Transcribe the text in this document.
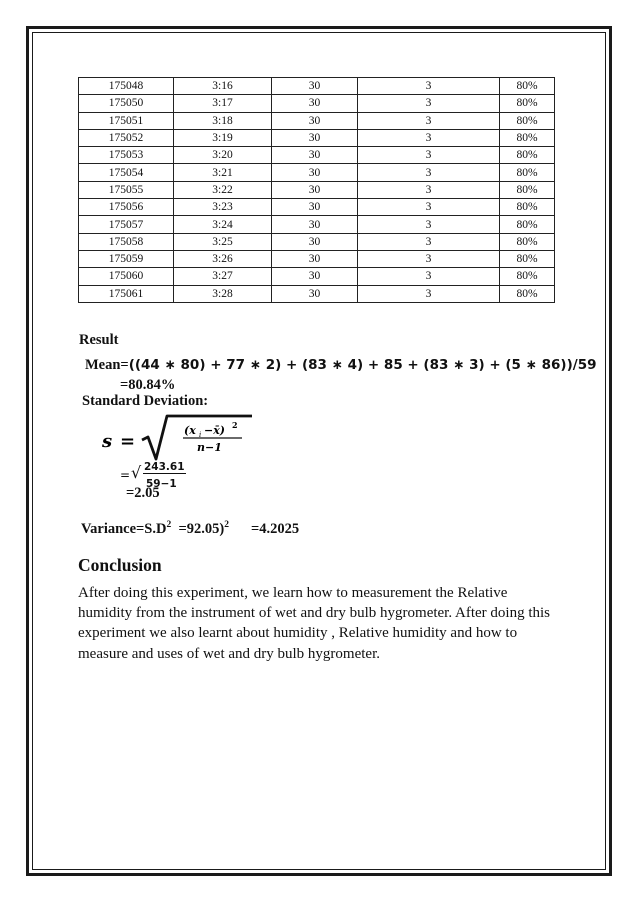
175048	3:16	30	3	80%
175050	3:17	30	3	80%
175051	3:18	30	3	80%
175052	3:19	30	3	80%
175053	3:20	30	3	80%
175054	3:21	30	3	80%
175055	3:22	30	3	80%
175056	3:23	30	3	80%
175057	3:24	30	3	80%
175058	3:25	30	3	80%
175059	3:26	30	3	80%
175060	3:27	30	3	80%
175061	3:28	30	3	80%
Result
Mean=((44 ∗ 80) + 77 ∗ 2) + (83 ∗ 4) + 85 + (83 ∗ 3) + (5 ∗ 86))/59
=80.84%
Standard Deviation:
s =
(x i −x̄) 2
n−1
= √ 243.61
59−1
=2.05
$Variance=S.D^2 =92.05)^2 =4.2025$
Conclusion
After doing this experiment, we learn how to measurement the Relative humidity from the instrument of wet and dry bulb hygrometer. After doing this experiment we also learnt about humidity , Relative humidity and how to measure and uses of wet and dry bulb hygrometer.
